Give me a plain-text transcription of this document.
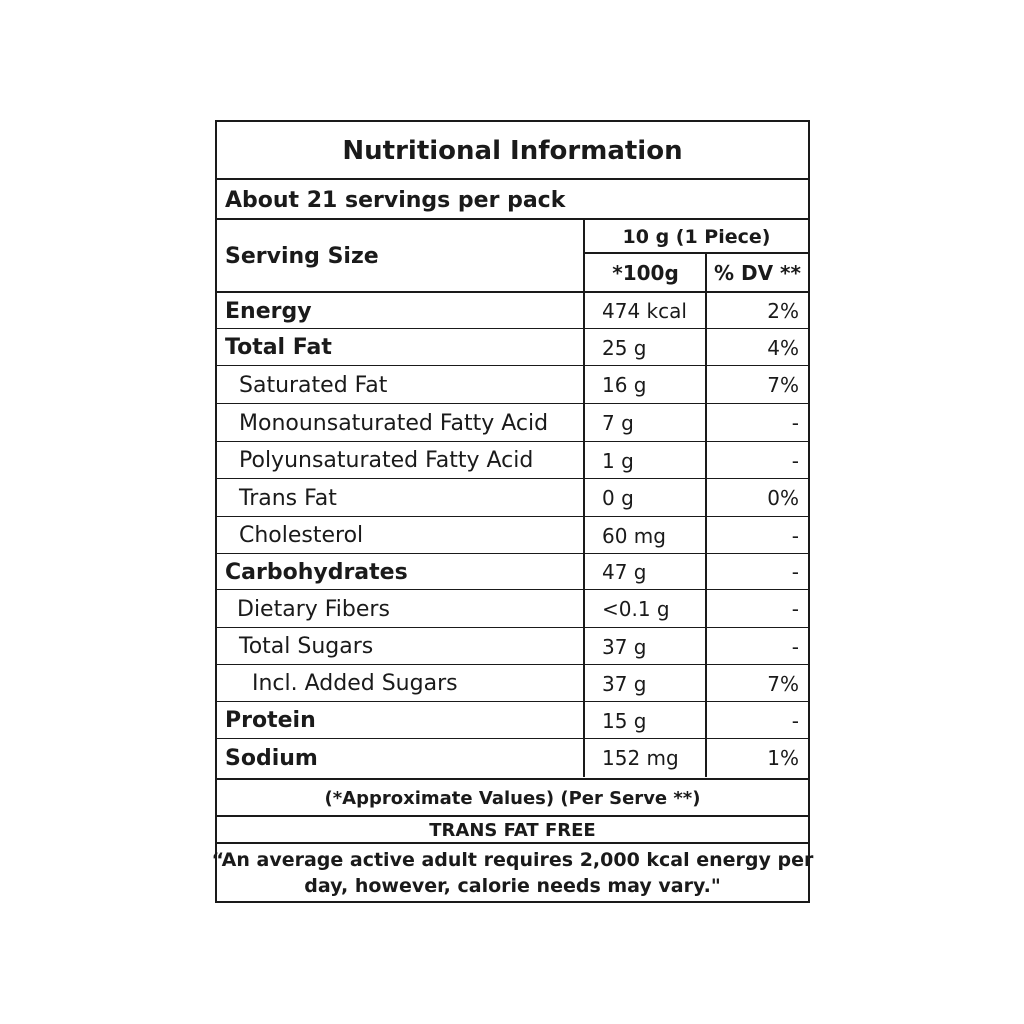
Nutritional Information
About 21 servings per pack
Serving Size
10 g (1 Piece)
*100g	% DV **
Energy	474 kcal	2%
Total Fat	25 g	4%
Saturated Fat	16 g	7%
Monounsaturated Fatty Acid	7 g	-
Polyunsaturated Fatty Acid	1 g	-
Trans Fat	0 g	0%
Cholesterol	60 mg	-
Carbohydrates	47 g	-
Dietary Fibers	<0.1 g	-
Total Sugars	37 g	-
Incl. Added Sugars	37 g	7%
Protein	15 g	-
Sodium	152 mg	1%
(*Approximate Values) (Per Serve **)
TRANS FAT FREE
“An average active adult requires 2,000 kcal energy per
day, however, calorie needs may vary."
